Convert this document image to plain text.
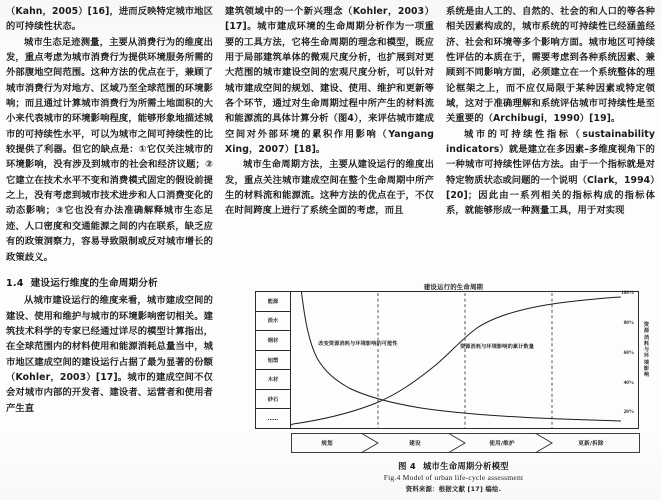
（Kahn，2005）[16]，进而反映特定城市地区的可持续性状态。

城市生态足迹测量，主要从消费行为的维度出发，重点考虑为城市消费行为提供环境服务所需的外部腹地空间范围。这种方法的优点在于，兼顾了城市消费行为对地方、区域乃至全球范围的环境影响；而且通过计算城市消费行为所需土地面积的大小来代表城市的环境影响程度，能够形象地描述城市的可持续性水平，可以为城市之间可持续性的比较提供了利器。但它的缺点是：①它仅关注城市的环境影响，没有涉及到城市的社会和经济议题；②它建立在技术水平不变和消费模式固定的假设前提之上，没有考虑到城市技术进步和人口消费变化的动态影响；③它也没有办法准确解释城市生态足迹、人口密度和交通能源之间的内在联系，缺乏应有的政策洞察力，容易导致限制或反对城市增长的政策歧义。

1.4 建设运行维度的生命周期分析

从城市建设运行的维度来看，城市建成空间的建设、使用和维护与城市的环境影响密切相关。建筑技术科学的专家已经通过详尽的模型计算指出，在全球范围内的材料使用和能源消耗总量当中，城市地区建成空间的建设运行占据了最为显著的份额（Kohler，2003）[17]。城市的建成空间不仅会对城市内部的开发者、建设者、运营者和使用者产生直

建筑领域中的一个新兴理念（Kohler，2003）[17]。城市建成环境的生命周期分析作为一项重要的工具方法，它将生命周期的理念和模型，既应用于局部建筑单体的微观尺度分析，也扩展到对更大范围的城市建设空间的宏观尺度分析，可以针对城市建成空间的规划、建设、使用、维护和更新等各个环节，通过对生命周期过程中所产生的材料流和能源流的具体计算分析（图4），来评估城市建成空间对外部环境的累积作用影响（Yangang Xing，2007）[18]。

城市生命周期方法，主要从建设运行的维度出发，重点关注城市建成空间在整个生命周期中所产生的材料流和能源流。这种方法的优点在于，不仅在时间跨度上进行了系统全面的考虑，而且

系统是由人工的、自然的、社会的和人口的等各种相关因素构成的，城市系统的可持续性已经涵盖经济、社会和环境等多个影响方面。城市地区可持续性评估的本质在于，需要考虑到各种系统因素、兼顾到不同影响方面，必须建立在一个系统整体的理论框架之上，而不应仅局限于某种因素或特定领域，这对于准确理解和系统评估城市可持续性是至关重要的（Archibugi，1990）[19]。

城市的可持续性指标（sustainability indicators）就是建立在多因素–多维度视角下的一种城市可持续性评估方法。由于一个指标就是对特定物质状态或问题的一个说明（Clark，1994）[20]；因此由一系列相关的指标构成的指标体系，就能够形成一种测量工具，用于对实现

建设运行的生命周期
能源
淡水
钢材
铝塑
木材
砂石
……
100%
80%
60%
40%
20%
资源消耗与环境影响
改变资源消耗与环境影响的可能性	资源消耗与环境影响的累计数量
规划	建设	使用/维护	更新/拆除
图 4 城市生命周期分析模型
Fig.4 Model of urban life-cycle assessment
资料来源：根据文献 [17] 编绘.
